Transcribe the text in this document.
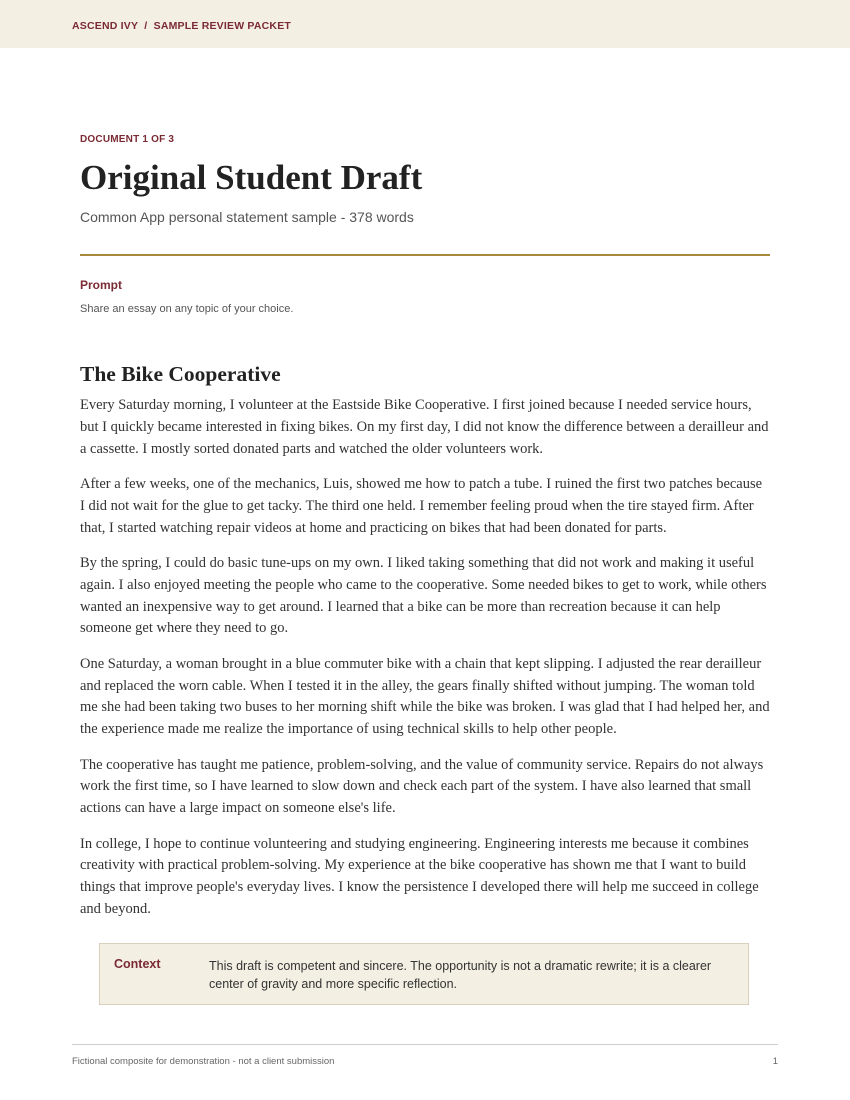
ASCEND IVY / SAMPLE REVIEW PACKET
DOCUMENT 1 OF 3
Original Student Draft
Common App personal statement sample - 378 words
Prompt
Share an essay on any topic of your choice.
The Bike Cooperative

Every Saturday morning, I volunteer at the Eastside Bike Cooperative. I first joined because I needed service hours, but I quickly became interested in fixing bikes. On my first day, I did not know the difference between a derailleur and a cassette. I mostly sorted donated parts and watched the older volunteers work.

After a few weeks, one of the mechanics, Luis, showed me how to patch a tube. I ruined the first two patches because I did not wait for the glue to get tacky. The third one held. I remember feeling proud when the tire stayed firm. After that, I started watching repair videos at home and practicing on bikes that had been donated for parts.

By the spring, I could do basic tune-ups on my own. I liked taking something that did not work and making it useful again. I also enjoyed meeting the people who came to the cooperative. Some needed bikes to get to work, while others wanted an inexpensive way to get around. I learned that a bike can be more than recreation because it can help someone get where they need to go.

One Saturday, a woman brought in a blue commuter bike with a chain that kept slipping. I adjusted the rear derailleur and replaced the worn cable. When I tested it in the alley, the gears finally shifted without jumping. The woman told me she had been taking two buses to her morning shift while the bike was broken. I was glad that I had helped her, and the experience made me realize the importance of using technical skills to help other people.

The cooperative has taught me patience, problem-solving, and the value of community service. Repairs do not always work the first time, so I have learned to slow down and check each part of the system. I have also learned that small actions can have a large impact on someone else's life.

In college, I hope to continue volunteering and studying engineering. Engineering interests me because it combines creativity with practical problem-solving. My experience at the bike cooperative has shown me that I want to build things that improve people's everyday lives. I know the persistence I developed there will help me succeed in college and beyond.

Context	This draft is competent and sincere. The opportunity is not a dramatic rewrite; it is a clearer center of gravity and more specific reflection.
Fictional composite for demonstration - not a client submission	1
